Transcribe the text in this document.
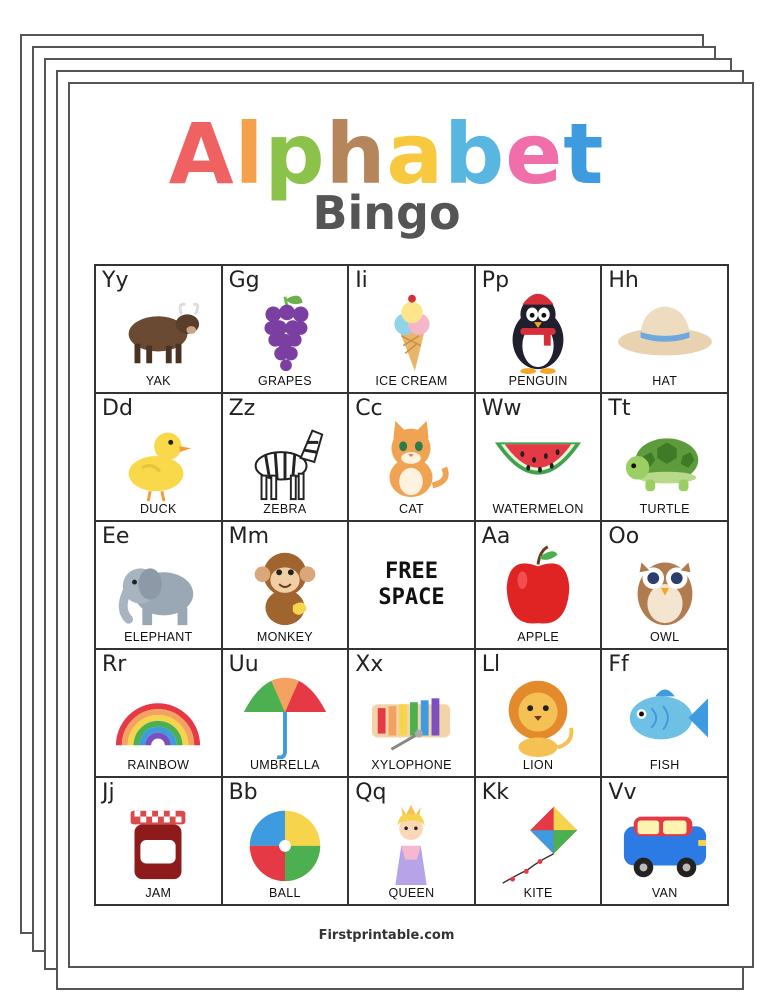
Alphabet
Bingo
Yy
YAK
Gg
GRAPES
Ii
ICE CREAM
Pp
PENGUIN
Hh
HAT
Dd
DUCK
Zz
ZEBRA
Cc
CAT
Ww
WATERMELON
Tt
TURTLE
Ee
ELEPHANT
Mm
MONKEY
FREE
SPACE
Aa
APPLE
Oo
OWL
Rr
RAINBOW
Uu
UMBRELLA
Xx
XYLOPHONE
Ll
LION
Ff
FISH
Jj
JAM
Bb
BALL
Qq
QUEEN
Kk
KITE
Vv
VAN
Firstprintable.com
